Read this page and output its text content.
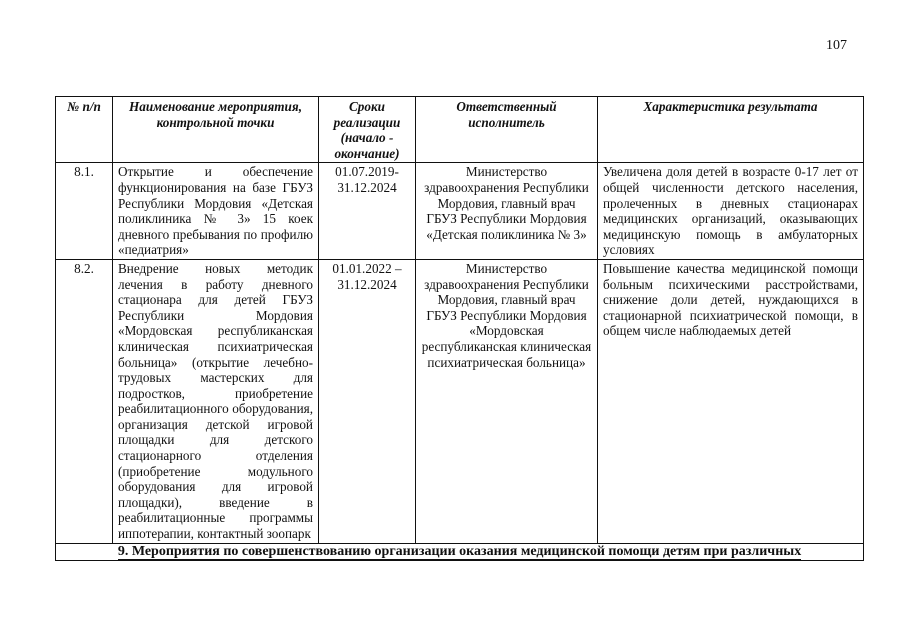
107
№ п/п	Наименование мероприятия, контрольной точки	Сроки реализации (начало - окончание)	Ответственный исполнитель	Характеристика результата
8.1.	Открытие и обеспечение функционирования на базе ГБУЗ Республики Мордовия «Детская поликлиника № 3» 15 коек дневного пребывания по профилю «педиатрия»	01.07.2019- 31.12.2024	Министерство здравоохранения Республики Мордовия, главный врач ГБУЗ Республики Мордовия «Детская поликлиника № 3»	Увеличена доля детей в возрасте 0-17 лет от общей численности детского населения, пролеченных в дневных стационарах медицинских организаций, оказывающих медицинскую помощь в амбулаторных условиях
8.2.	Внедрение новых методик лечения в работу дневного стационара для детей ГБУЗ Республики Мордовия «Мордовская республиканская клиническая психиатрическая больница» (открытие лечебно-трудовых мастерских для подростков, приобретение реабилитационного оборудования, организация детской игровой площадки для детского стационарного отделения (приобретение модульного оборудования для игровой площадки), введение в реабилитационные программы иппотерапии, контактный зоопарк	01.01.2022 – 31.12.2024	Министерство здравоохранения Республики Мордовия, главный врач ГБУЗ Республики Мордовия «Мордовская республиканская клиническая психиатрическая больница»	Повышение качества медицинской помощи больным психическими расстройствами, снижение доли детей, нуждающихся в стационарной психиатрической помощи, в общем числе наблюдаемых детей
9. Мероприятия по совершенствованию организации оказания медицинской помощи детям при различных				
